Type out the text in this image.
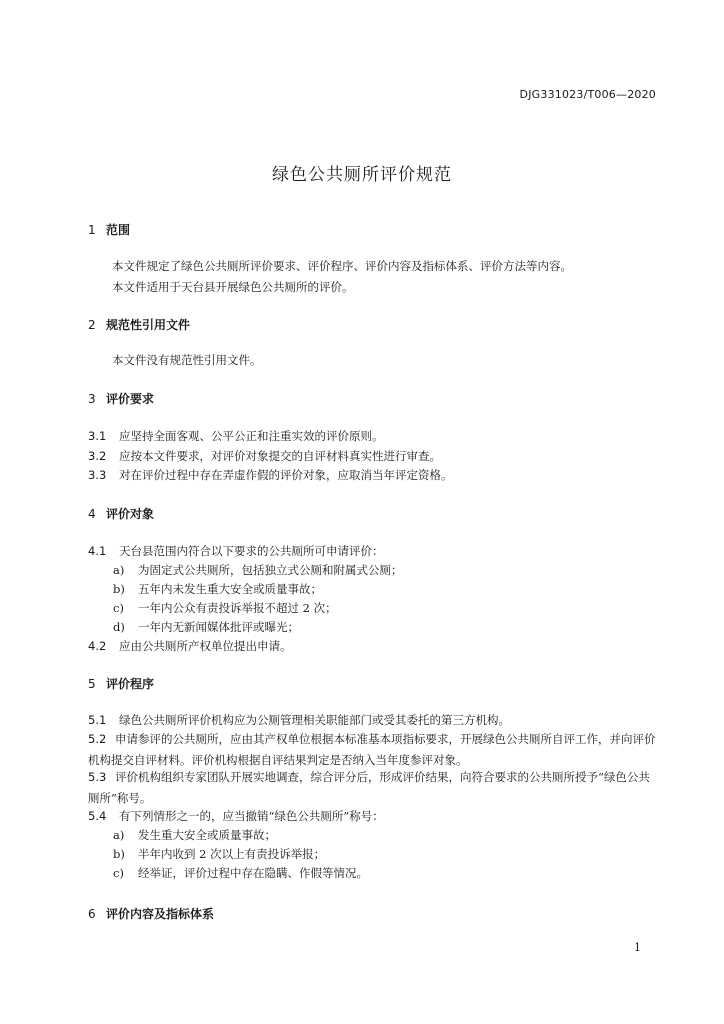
DJG331023/T006—2020
绿色公共厕所评价规范
1 范围
本文件规定了绿色公共厕所评价要求、评价程序、评价内容及指标体系、评价方法等内容。
本文件适用于天台县开展绿色公共厕所的评价。
2 规范性引用文件
本文件没有规范性引用文件。
3 评价要求
3.1 应坚持全面客观、公平公正和注重实效的评价原则。
3.2 应按本文件要求，对评价对象提交的自评材料真实性进行审查。
3.3 对在评价过程中存在弄虚作假的评价对象，应取消当年评定资格。
4 评价对象
4.1 天台县范围内符合以下要求的公共厕所可申请评价：
a) 为固定式公共厕所，包括独立式公厕和附属式公厕；
b) 五年内未发生重大安全或质量事故；
c) 一年内公众有责投诉举报不超过 2 次；
d) 一年内无新闻媒体批评或曝光；
4.2 应由公共厕所产权单位提出申请。
5 评价程序
5.1 绿色公共厕所评价机构应为公厕管理相关职能部门或受其委托的第三方机构。
5.2 申请参评的公共厕所，应由其产权单位根据本标准基本项指标要求，开展绿色公共厕所自评工作，并向评价机构提交自评材料。评价机构根据自评结果判定是否纳入当年度参评对象。
5.3 评价机构组织专家团队开展实地调查，综合评分后，形成评价结果，向符合要求的公共厕所授予“绿色公共厕所”称号。
5.4 有下列情形之一的，应当撤销“绿色公共厕所”称号：
a) 发生重大安全或质量事故；
b) 半年内收到 2 次以上有责投诉举报；
c) 经举证，评价过程中存在隐瞒、作假等情况。
6 评价内容及指标体系
1
